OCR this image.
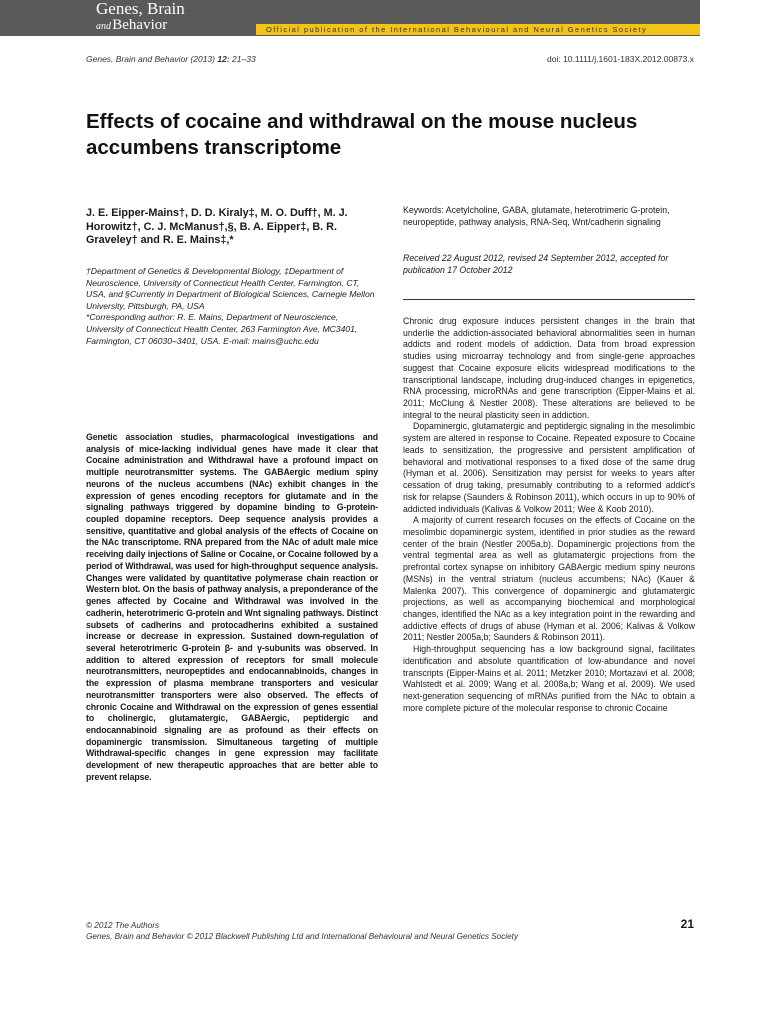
Genes, Brain
and Behavior	Official publication of the International Behavioural and Neural Genetics Society
Genes, Brain and Behavior (2013) 12: 21–33	doi: 10.1111/j.1601-183X.2012.00873.x
Effects of cocaine and withdrawal on the mouse nucleus accumbens transcriptome

J. E. Eipper-Mains†, D. D. Kiraly‡, M. O. Duff†, M. J. Horowitz†, C. J. McManus†,§, B. A. Eipper‡, B. R. Graveley† and R. E. Mains‡,*

†Department of Genetics & Developmental Biology, ‡Department of Neuroscience, University of Connecticut Health Center, Farmington, CT, USA, and §Currently in Department of Biological Sciences, Carnegie Mellon University, Pittsburgh, PA, USA

*Corresponding author: R. E. Mains, Department of Neuroscience, University of Connecticut Health Center, 263 Farmington Ave, MC3401, Farmington, CT 06030–3401, USA. E-mail: mains@uchc.edu

Genetic association studies, pharmacological investigations and analysis of mice-lacking individual genes have made it clear that Cocaine administration and Withdrawal have a profound impact on multiple neurotransmitter systems. The GABAergic medium spiny neurons of the nucleus accumbens (NAc) exhibit changes in the expression of genes encoding receptors for glutamate and in the signaling pathways triggered by dopamine binding to G-protein-coupled dopamine receptors. Deep sequence analysis provides a sensitive, quantitative and global analysis of the effects of Cocaine on the NAc transcriptome. RNA prepared from the NAc of adult male mice receiving daily injections of Saline or Cocaine, or Cocaine followed by a period of Withdrawal, was used for high-throughput sequence analysis. Changes were validated by quantitative polymerase chain reaction or Western blot. On the basis of pathway analysis, a preponderance of the genes affected by Cocaine and Withdrawal was involved in the cadherin, heterotrimeric G-protein and Wnt signaling pathways. Distinct subsets of cadherins and protocadherins exhibited a sustained increase or decrease in expression. Sustained down-regulation of several heterotrimeric G-protein β- and γ-subunits was observed. In addition to altered expression of receptors for small molecule neurotransmitters, neuropeptides and endocannabinoids, changes in the expression of plasma membrane transporters and vesicular neurotransmitter transporters were also observed. The effects of chronic Cocaine and Withdrawal on the expression of genes essential to cholinergic, glutamatergic, GABAergic, peptidergic and endocannabinoid signaling are as profound as their effects on dopaminergic transmission. Simultaneous targeting of multiple Withdrawal-specific changes in gene expression may facilitate development of new therapeutic approaches that are better able to prevent relapse.

Keywords: Acetylcholine, GABA, glutamate, heterotrimeric G-protein, neuropeptide, pathway analysis, RNA-Seq, Wnt/cadherin signaling

Received 22 August 2012, revised 24 September 2012, accepted for publication 17 October 2012

Chronic drug exposure induces persistent changes in the brain that underlie the addiction-associated behavioral abnormalities seen in human addicts and rodent models of addiction. Data from broad expression studies using microarray technology and from single-gene approaches suggest that Cocaine exposure elicits widespread modifications to the transcriptional landscape, including drug-induced changes in epigenetics, RNA processing, microRNAs and gene transcription (Eipper-Mains et al. 2011; McClung & Nestler 2008). These alterations are believed to be integral to the neural plasticity seen in addiction.

Dopaminergic, glutamatergic and peptidergic signaling in the mesolimbic system are altered in response to Cocaine. Repeated exposure to Cocaine leads to sensitization, the progressive and persistent amplification of behavioral and motivational responses to a fixed dose of the same drug (Hyman et al. 2006). Sensitization may persist for weeks to years after cessation of drug taking, presumably contributing to a reformed addict's risk for relapse (Saunders & Robinson 2011), which occurs in up to 90% of addicted individuals (Kalivas & Volkow 2011; Wee & Koob 2010).

A majority of current research focuses on the effects of Cocaine on the mesolimbic dopaminergic system, identified in prior studies as the reward center of the brain (Nestler 2005a,b). Dopaminergic projections from the ventral tegmental area as well as glutamatergic projections from the prefrontal cortex synapse on inhibitory GABAergic medium spiny neurons (MSNs) in the ventral striatum (nucleus accumbens; NAc) (Kauer & Malenka 2007). This convergence of dopaminergic and glutamatergic projections, as well as accompanying biochemical and morphological changes, identified the NAc as a key integration point in the rewarding and addictive effects of drugs of abuse (Hyman et al. 2006; Kalivas & Volkow 2011; Nestler 2005a,b; Saunders & Robinson 2011).

High-throughput sequencing has a low background signal, facilitates identification and absolute quantification of low-abundance and novel transcripts (Eipper-Mains et al. 2011; Metzker 2010; Mortazavi et al. 2008; Wahlstedt et al. 2009; Wang et al. 2008a,b; Wang et al. 2009). We used next-generation sequencing of mRNAs purified from the NAc to obtain a more complete picture of the molecular response to chronic Cocaine

© 2012 The Authors
Genes, Brain and Behavior © 2012 Blackwell Publishing Ltd and International Behavioural and Neural Genetics Society
21
